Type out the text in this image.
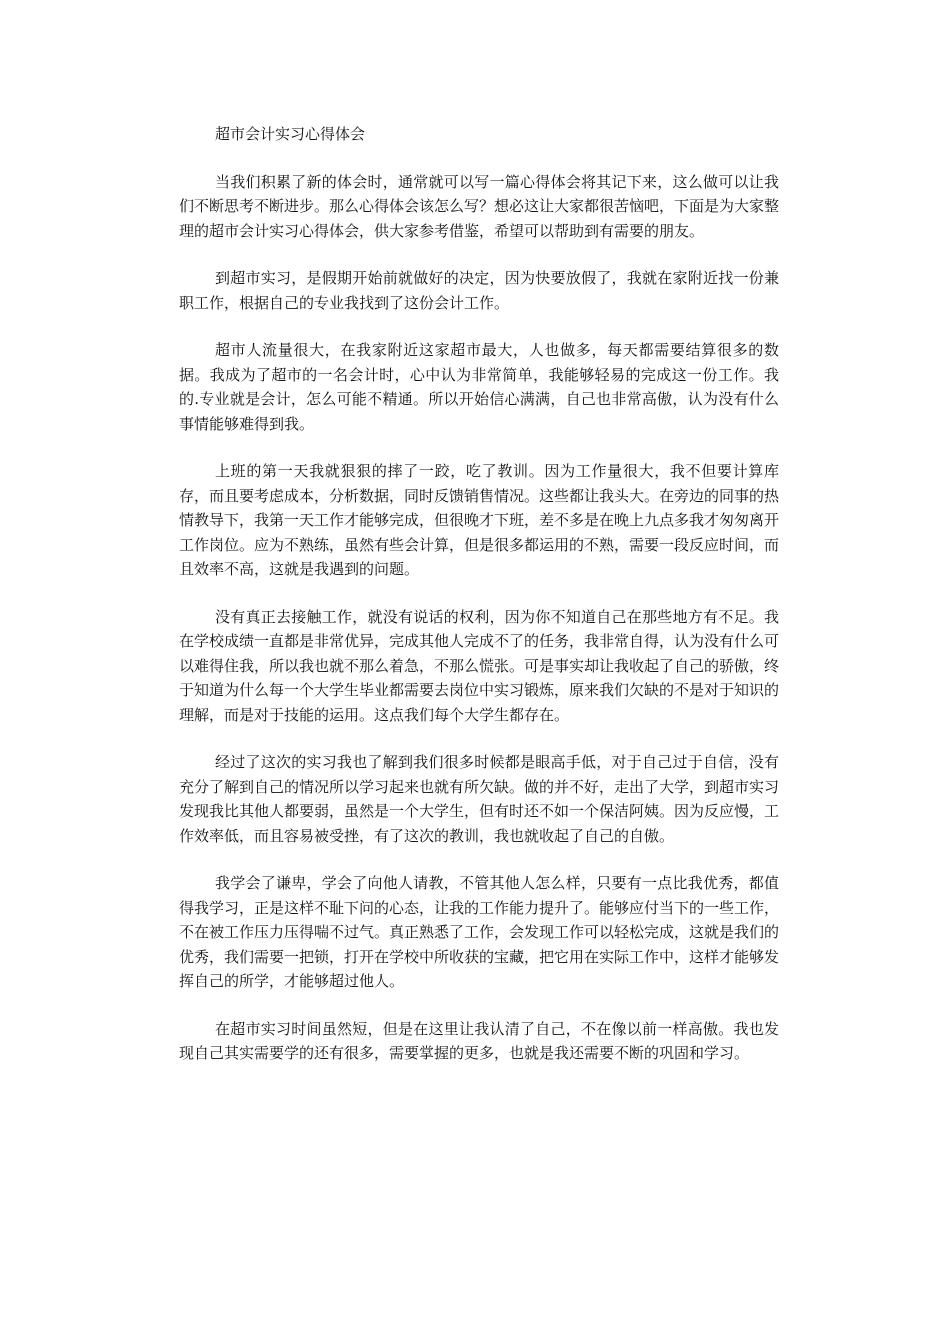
超市会计实习心得体会

当我们积累了新的体会时，通常就可以写一篇心得体会将其记下来，这么做可以让我们不断思考不断进步。那么心得体会该怎么写？想必这让大家都很苦恼吧，下面是为大家整理的超市会计实习心得体会，供大家参考借鉴，希望可以帮助到有需要的朋友。

到超市实习，是假期开始前就做好的决定，因为快要放假了，我就在家附近找一份兼职工作，根据自己的专业我找到了这份会计工作。

超市人流量很大，在我家附近这家超市最大，人也做多，每天都需要结算很多的数据。我成为了超市的一名会计时，心中认为非常简单，我能够轻易的完成这一份工作。我的.专业就是会计，怎么可能不精通。所以开始信心满满，自己也非常高傲，认为没有什么事情能够难得到我。

上班的第一天我就狠狠的摔了一跤，吃了教训。因为工作量很大，我不但要计算库存，而且要考虑成本，分析数据，同时反馈销售情况。这些都让我头大。在旁边的同事的热情教导下，我第一天工作才能够完成，但很晚才下班，差不多是在晚上九点多我才匆匆离开工作岗位。应为不熟练，虽然有些会计算，但是很多都运用的不熟，需要一段反应时间，而且效率不高，这就是我遇到的问题。

没有真正去接触工作，就没有说话的权利，因为你不知道自己在那些地方有不足。我在学校成绩一直都是非常优异，完成其他人完成不了的任务，我非常自得，认为没有什么可以难得住我，所以我也就不那么着急，不那么慌张。可是事实却让我收起了自己的骄傲，终于知道为什么每一个大学生毕业都需要去岗位中实习锻炼，原来我们欠缺的不是对于知识的理解，而是对于技能的运用。这点我们每个大学生都存在。

经过了这次的实习我也了解到我们很多时候都是眼高手低，对于自己过于自信，没有充分了解到自己的情况所以学习起来也就有所欠缺。做的并不好，走出了大学，到超市实习发现我比其他人都要弱，虽然是一个大学生，但有时还不如一个保洁阿姨。因为反应慢，工作效率低，而且容易被受挫，有了这次的教训，我也就收起了自己的自傲。

我学会了谦卑，学会了向他人请教，不管其他人怎么样，只要有一点比我优秀，都值得我学习，正是这样不耻下问的心态，让我的工作能力提升了。能够应付当下的一些工作，不在被工作压力压得喘不过气。真正熟悉了工作，会发现工作可以轻松完成，这就是我们的优秀，我们需要一把锁，打开在学校中所收获的宝藏，把它用在实际工作中，这样才能够发挥自己的所学，才能够超过他人。

在超市实习时间虽然短，但是在这里让我认清了自己，不在像以前一样高傲。我也发现自己其实需要学的还有很多，需要掌握的更多，也就是我还需要不断的巩固和学习。
